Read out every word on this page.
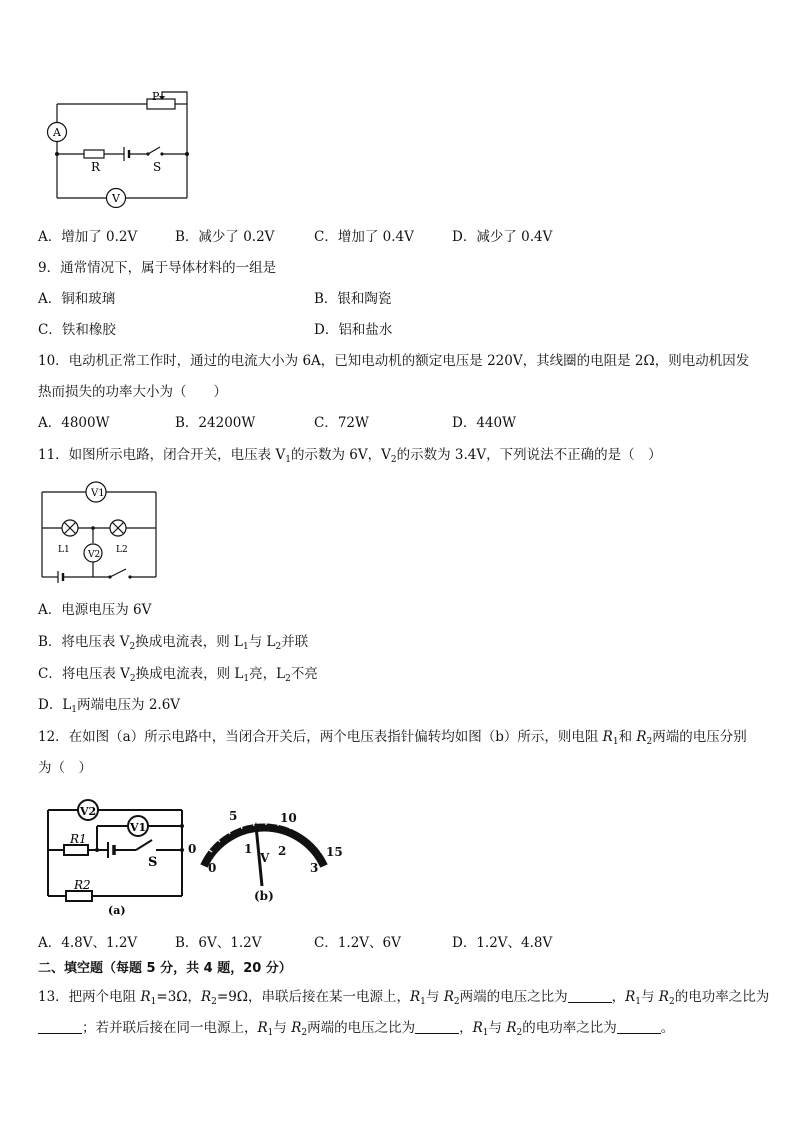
P
A
R	S
V
A．增加了 0.2V	B．减少了 0.2V	C．增加了 0.4V	D．减少了 0.4V
9．通常情况下，属于导体材料的一组是
A．铜和玻璃	B．银和陶瓷
C．铁和橡胶	D．铝和盐水
10．电动机正常工作时，通过的电流大小为 6A，已知电动机的额定电压是 220V，其线圈的电阻是 2Ω，则电动机因发
热而损失的功率大小为（　　）
A．4800W	B．24200W	C．72W	D．440W
11．如图所示电路，闭合开关，电压表 $V_1$的示数为 6V，$V_2$的示数为 3.4V，下列说法不正确的是（　）
V1
V2
L1	L2
A．电源电压为 6V
B．将电压表 $V_2$换成电流表，则 $L_1$与 $L_2$并联
C．将电压表 $V_2$换成电流表，则 $L_1$亮，$L_2$不亮
D．$L_1$两端电压为 2.6V
12．在如图（a）所示电路中，当闭合开关后，两个电压表指针偏转均如图（b）所示，则电阻 $R_1$和 $R_2$两端的电压分别
为（　）
V2
V1
R1
R2
S
(a)
5	10
15
0
0
1 2
3
V
(b)
A．4.8V、1.2V	B．6V、1.2V	C．1.2V、6V	D．1.2V、4.8V
二、填空题（每题 5 分，共 4 题，20 分）
13．把两个电阻 $R_1=3\Omega$，$R_2=9\Omega$，串联后接在某一电源上，$R_1$与 $R_2$两端的电压之比为	，$R_1$与 $R_2$的电功率之比为
；若并联后接在同一电源上，$R_1$与 $R_2$两端的电压之比为	，$R_1$与 $R_2$的电功率之比为	。
